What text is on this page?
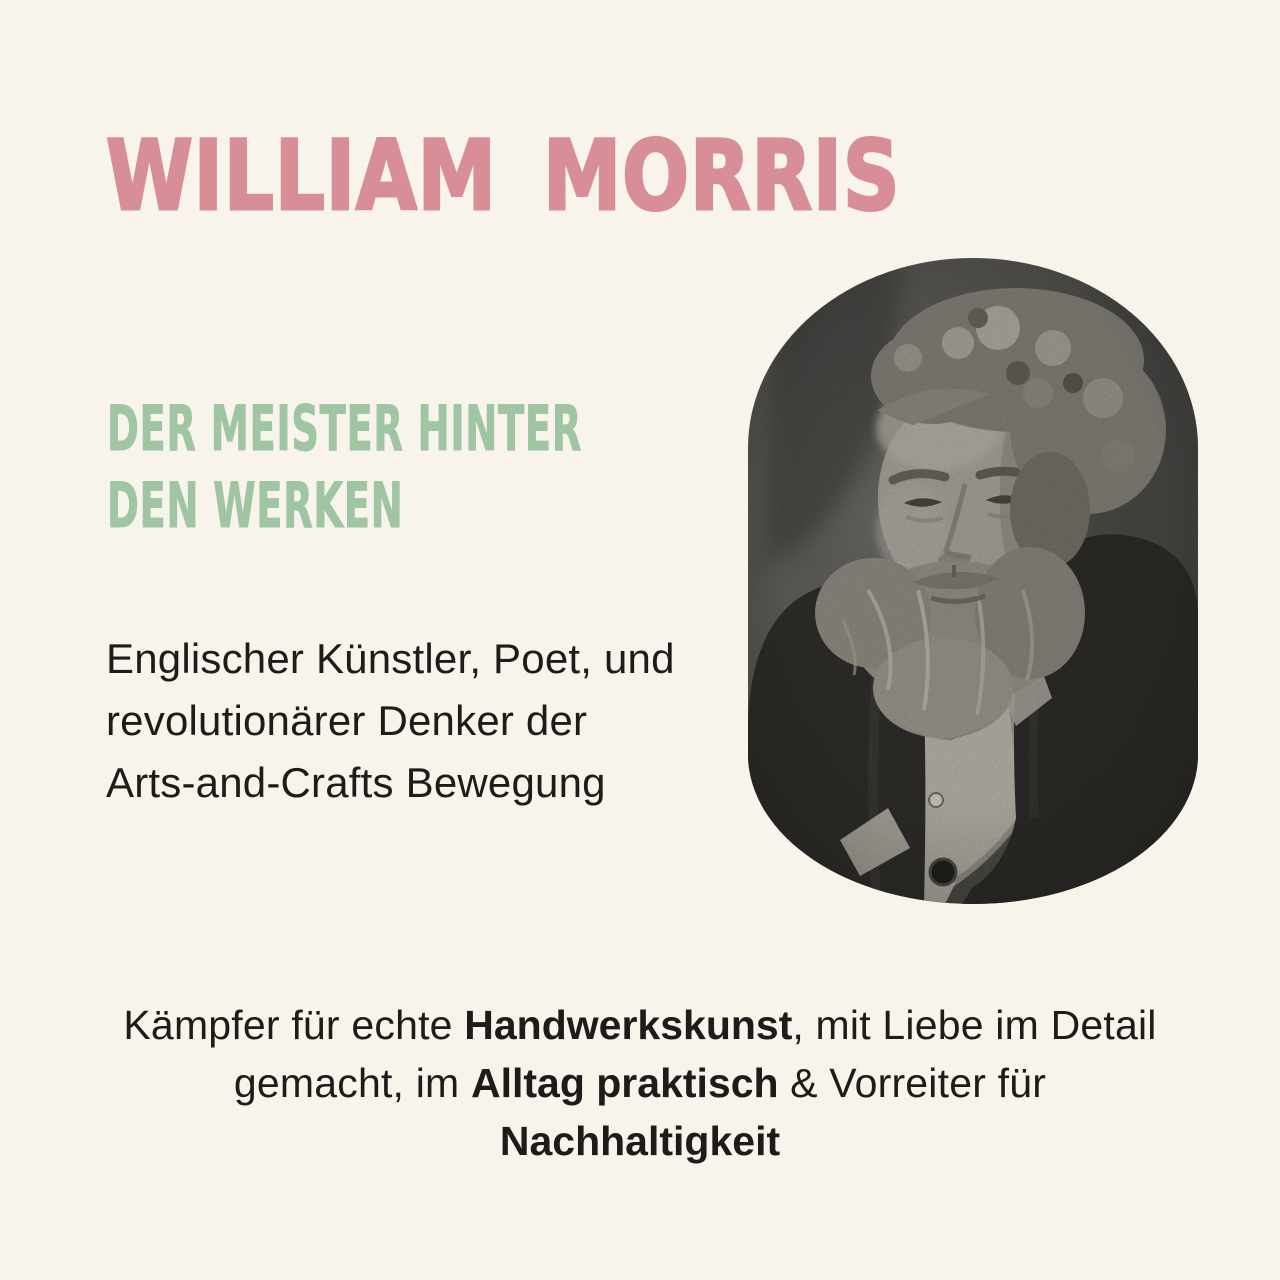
WILLIAM MORRIS
DER MEISTER HINTER
DEN WERKEN
Englischer Künstler, Poet, und
revolutionärer Denker der
Arts-and-Crafts Bewegung
Kämpfer für echte Handwerkskunst, mit Liebe im Detail
gemacht, im Alltag praktisch & Vorreiter für
Nachhaltigkeit
